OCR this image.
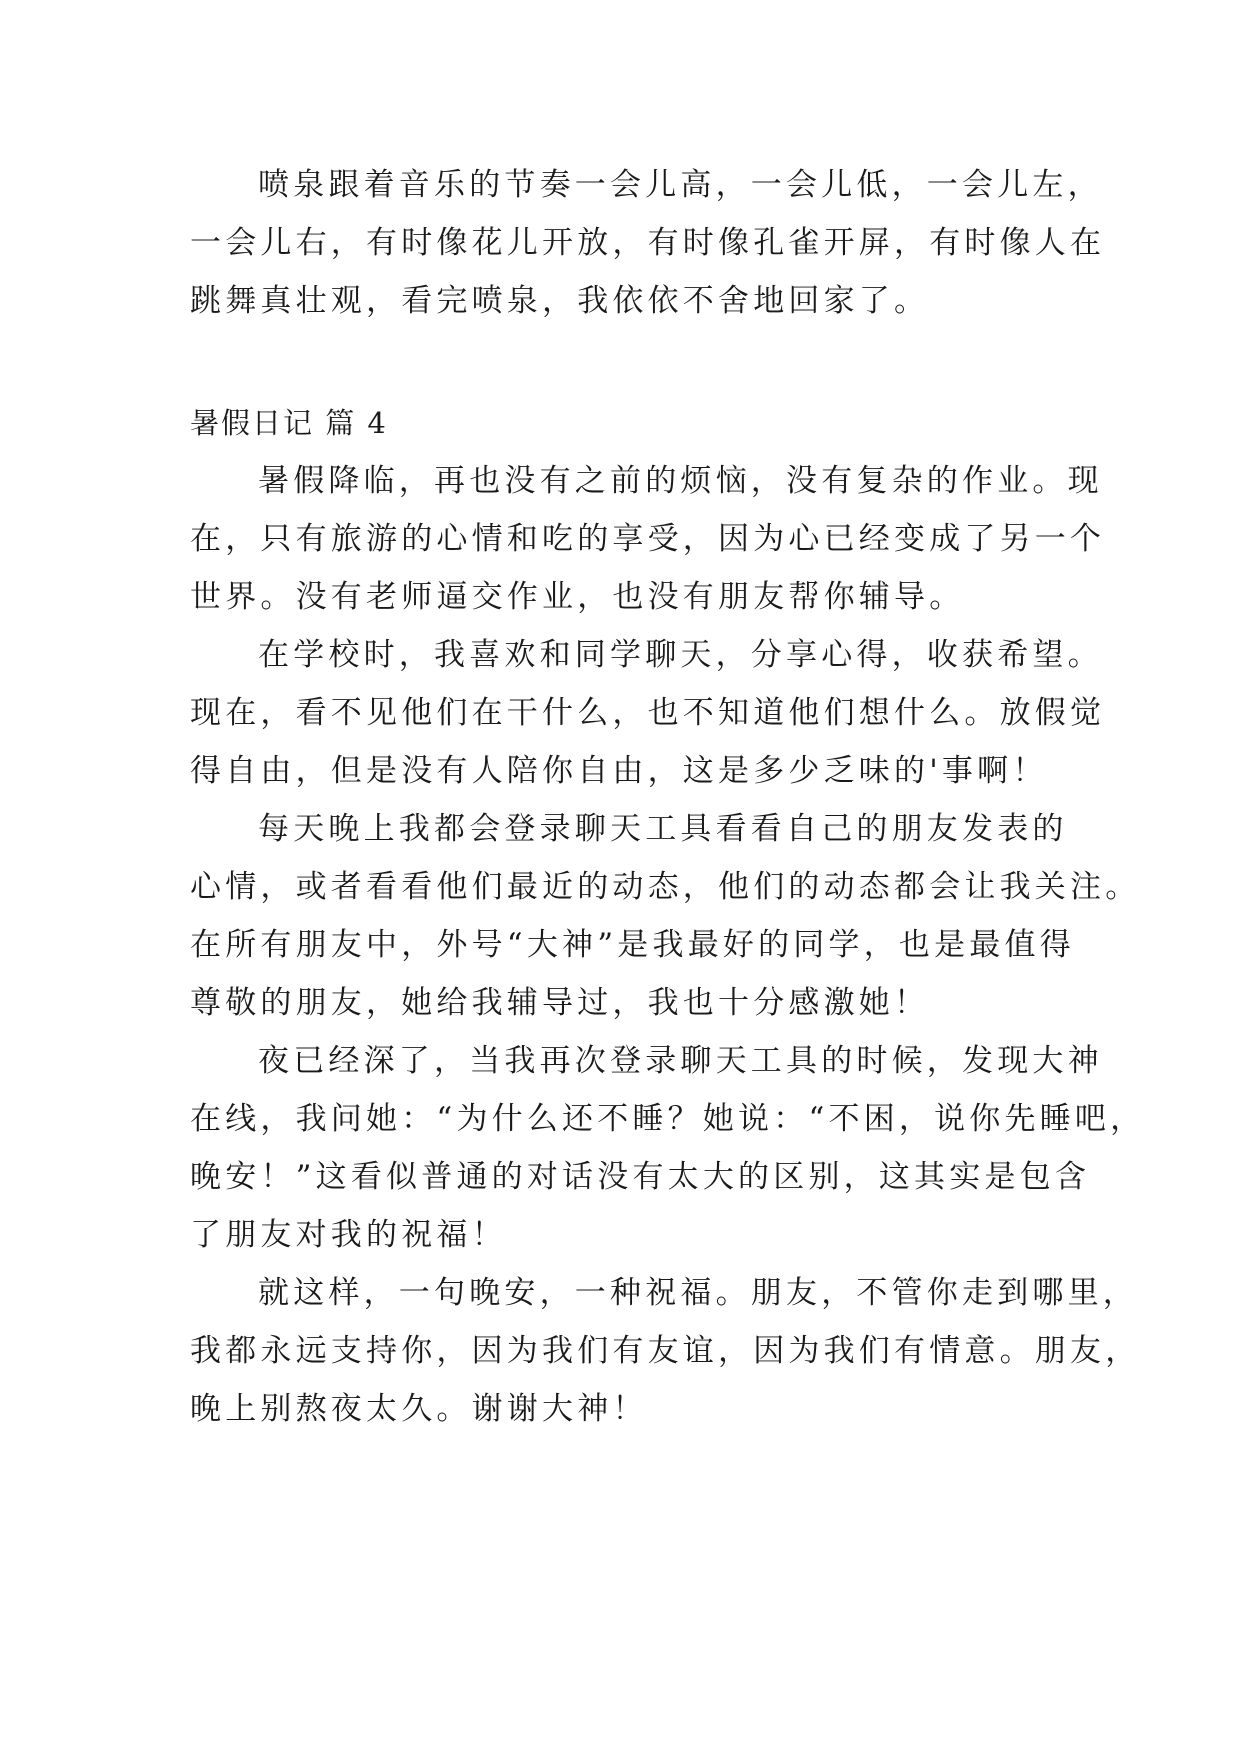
喷泉跟着音乐的节奏一会儿高，一会儿低，一会儿左，
一会儿右，有时像花儿开放，有时像孔雀开屏，有时像人在
跳舞真壮观，看完喷泉，我依依不舍地回家了。
暑假日记 篇 4
暑假降临，再也没有之前的烦恼，没有复杂的作业。现
在，只有旅游的心情和吃的享受，因为心已经变成了另一个
世界。没有老师逼交作业，也没有朋友帮你辅导。
在学校时，我喜欢和同学聊天，分享心得，收获希望。
现在，看不见他们在干什么，也不知道他们想什么。放假觉
得自由，但是没有人陪你自由，这是多少乏味的'事啊！
每天晚上我都会登录聊天工具看看自己的朋友发表的
心情，或者看看他们最近的动态，他们的动态都会让我关注。
在所有朋友中，外号“大神”是我最好的同学，也是最值得
尊敬的朋友，她给我辅导过，我也十分感激她！
夜已经深了，当我再次登录聊天工具的时候，发现大神
在线，我问她：“为什么还不睡？她说：“不困，说你先睡吧，
晚安！”这看似普通的对话没有太大的区别，这其实是包含
了朋友对我的祝福！
就这样，一句晚安，一种祝福。朋友，不管你走到哪里，
我都永远支持你，因为我们有友谊，因为我们有情意。朋友，
晚上别熬夜太久。谢谢大神！
